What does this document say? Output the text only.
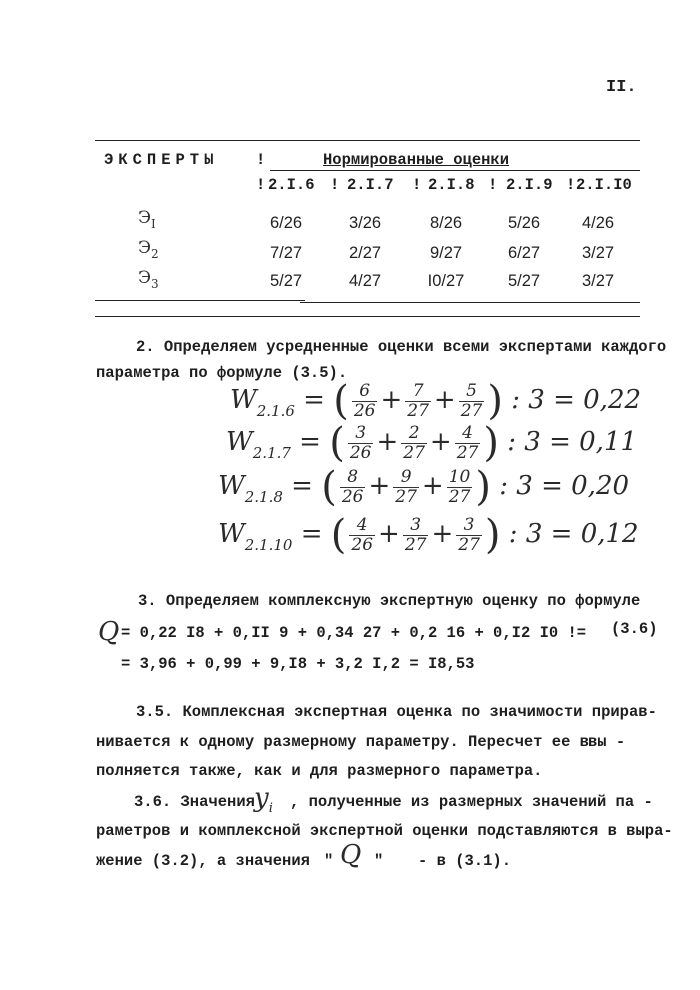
II.
ЭКСПЕРТЫ !	Нормированные оценки
! 2.I.6 ! 2.I.7 ! 2.I.8 ! 2.I.9 ! 2.I.I0
$Э_I$	6/26	3/26	8/26	5/26	4/26
$Э_2$	7/27	2/27	9/27	6/27	3/27
$Э_3$	5/27	4/27	I0/27	5/27	3/27
2. Определяем усредненные оценки всеми экспертами каждого
параметра по формуле (3.5).
$W_{2.1.6}$ = ( $\frac{6}{26} + \frac{7}{27} + \frac{5}{27}$ ) : 3 = 0,22
$W_{2.1.7}$ = ( $\frac{3}{26} + \frac{2}{27} + \frac{4}{27}$ ) : 3 = 0,11
$W_{2.1.8}$ = ( $\frac{8}{26} + \frac{9}{27} + \frac{10}{27}$ ) : 3 = 0,20
$W_{2.1.10}$ = ( $\frac{4}{26} + \frac{3}{27} + \frac{3}{27}$ ) : 3 = 0,12
3. Определяем комплексную экспертную оценку по формуле
Q = 0,22 I8 + 0,II 9 + 0,34 27 + 0,2 16 + 0,I2 I0 != (3.6)
= 3,96 + 0,99 + 9,I8 + 3,2 I,2 = I8,53
3.5. Комплексная экспертная оценка по значимости прирав-
нивается к одному размерному параметру. Пересчет ее в вы -
полняется также, как и для размерного параметра.
3.6. Значения $y_i$ , полученные из размерных значений па -
раметров и комплексной экспертной оценки подставляются в выра-
жение (3.2), а значения " Q " - в (3.1).
